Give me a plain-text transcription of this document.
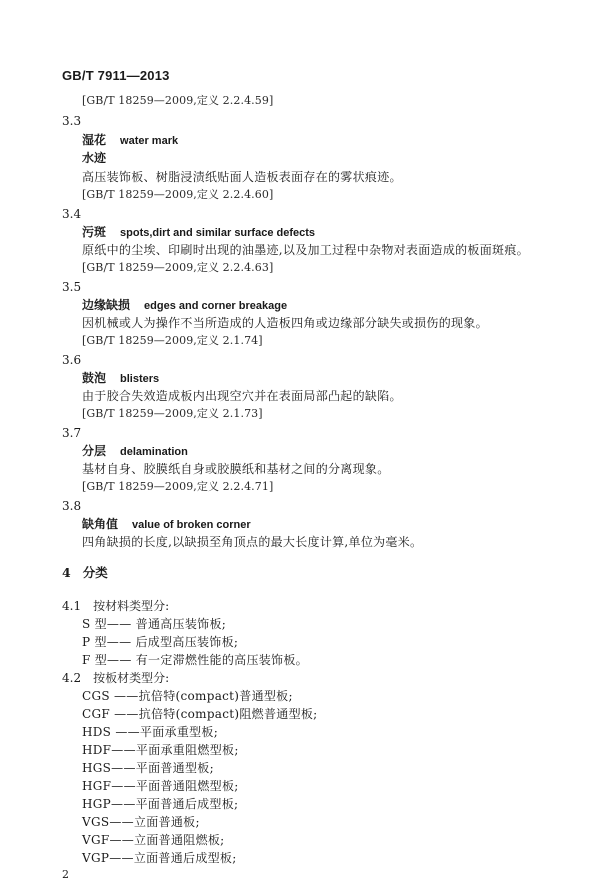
GB/T 7911—2013
[GB/T 18259—2009,定义 2.2.4.59]
3.3
湿花 water mark
水迹
高压装饰板、树脂浸渍纸贴面人造板表面存在的雾状痕迹。
[GB/T 18259—2009,定义 2.2.4.60]
3.4
污斑 spots,dirt and similar surface defects
原纸中的尘埃、印刷时出现的油墨迹,以及加工过程中杂物对表面造成的板面斑痕。
[GB/T 18259—2009,定义 2.2.4.63]
3.5
边缘缺损 edges and corner breakage
因机械或人为操作不当所造成的人造板四角或边缘部分缺失或损伤的现象。
[GB/T 18259—2009,定义 2.1.74]
3.6
鼓泡 blisters
由于胶合失效造成板内出现空穴并在表面局部凸起的缺陷。
[GB/T 18259—2009,定义 2.1.73]
3.7
分层 delamination
基材自身、胶膜纸自身或胶膜纸和基材之间的分离现象。
[GB/T 18259—2009,定义 2.2.4.71]
3.8
缺角值 value of broken corner
四角缺损的长度,以缺损至角顶点的最大长度计算,单位为毫米。
4 分类
4.1 按材料类型分:
S 型—— 普通高压装饰板;
P 型—— 后成型高压装饰板;
F 型—— 有一定滞燃性能的高压装饰板。
4.2 按板材类型分:
CGS ——抗倍特(compact)普通型板;
CGF ——抗倍特(compact)阻燃普通型板;
HDS ——平面承重型板;
HDF——平面承重阻燃型板;
HGS——平面普通型板;
HGF——平面普通阻燃型板;
HGP——平面普通后成型板;
VGS——立面普通板;
VGF——立面普通阻燃板;
VGP——立面普通后成型板;
2
